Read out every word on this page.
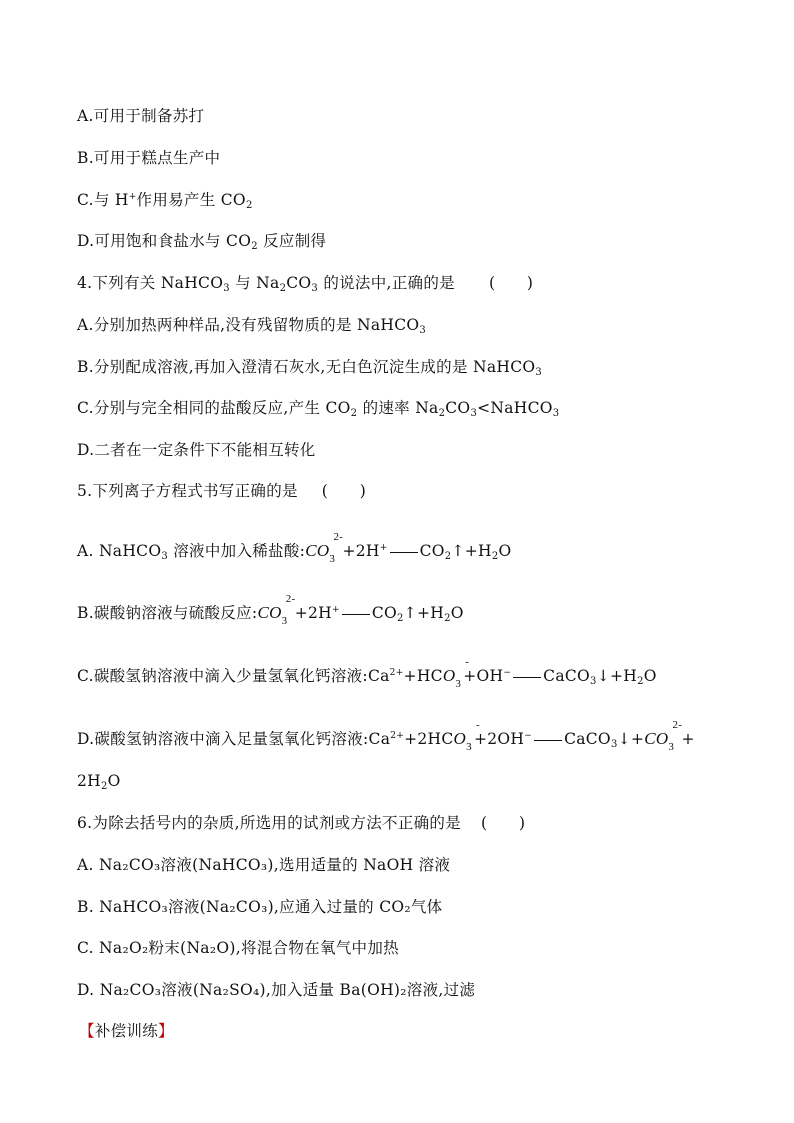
A.可用于制备苏打
B.可用于糕点生产中
C.与 H+作用易产生 $CO_2$
D.可用饱和食盐水与 $CO_2$ 反应制得
4.下列有关 NaHCO$_3$ 与 $Na_2CO_3$ 的说法中,正确的是 (　　)
A.分别加热两种样品,没有残留物质的是 NaHCO$_3$
B.分别配成溶液,再加入澄清石灰水,无白色沉淀生成的是 NaHCO$_3$
C.分别与完全相同的盐酸反应,产生 $CO_2$ 的速率 $Na_2CO_3<NaHCO_3$
D.二者在一定条件下不能相互转化
5.下列离子方程式书写正确的是 (　　)
A. NaHCO$_3$ 溶液中加入稀盐酸$:CO_3$
2-
+2H+ $CO_2↑+H_2O$
B.碳酸钠溶液与硫酸反应$:CO_3$
2-
+2H+ $CO_2↑+H_2O$
C.碳酸氢钠溶液中滴入少量氢氧化钙溶液$:Ca^{2+}+HCO_3$
-
+OH− $CaCO_3↓+H_2O$
D.碳酸氢钠溶液中滴入足量氢氧化钙溶液$:Ca^{2+}+2HCO_3$
-
+2OH− $CaCO_3↓+CO_3$
2-
+
$2H_2O$
6.为除去括号内的杂质,所选用的试剂或方法不正确的是 (　　)
A. Na₂CO₃溶液(NaHCO₃),选用适量的 NaOH 溶液
B. NaHCO₃溶液(Na₂CO₃),应通入过量的 CO₂气体
C. Na₂O₂粉末(Na₂O),将混合物在氧气中加热
D. Na₂CO₃溶液(Na₂SO₄),加入适量 Ba(OH)₂溶液,过滤
【补偿训练】
